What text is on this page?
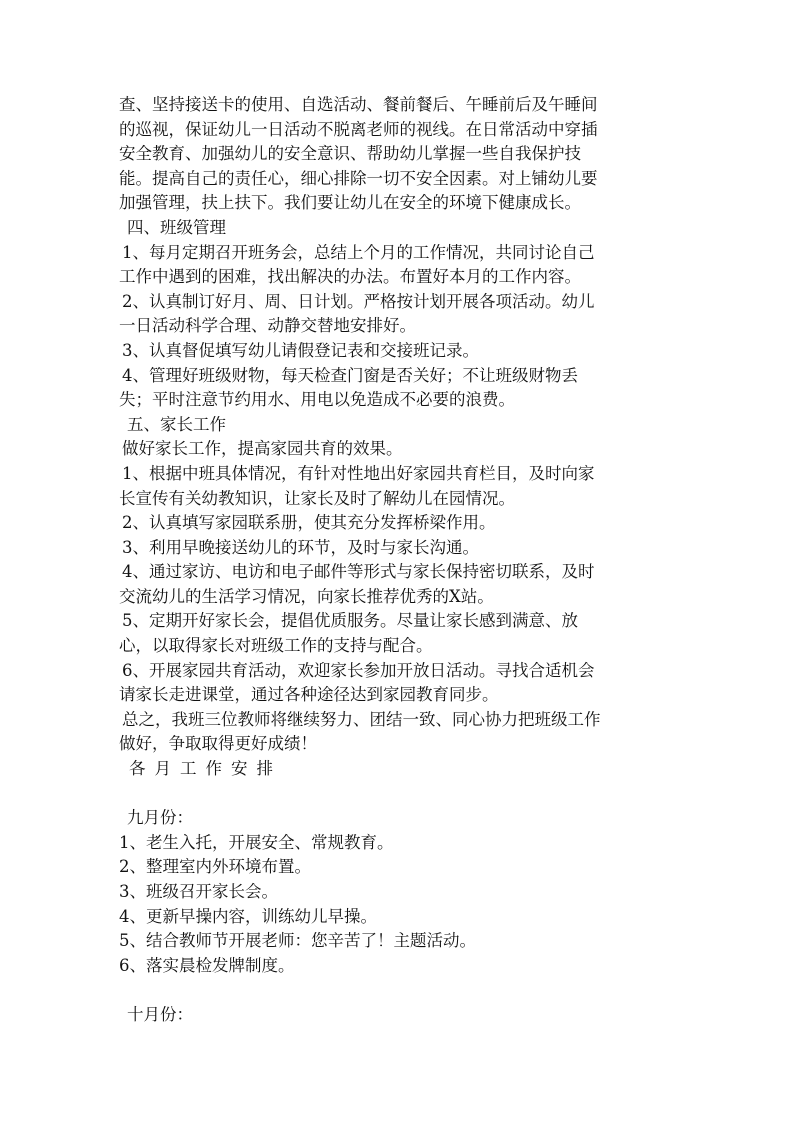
查、坚持接送卡的使用、自选活动、餐前餐后、午睡前后及午睡间
的巡视，保证幼儿一日活动不脱离老师的视线。在日常活动中穿插
安全教育、加强幼儿的安全意识、帮助幼儿掌握一些自我保护技
能。提高自己的责任心，细心排除一切不安全因素。对上铺幼儿要
加强管理，扶上扶下。我们要让幼儿在安全的环境下健康成长。
四、班级管理
1、每月定期召开班务会，总结上个月的工作情况，共同讨论自己
工作中遇到的困难，找出解决的办法。布置好本月的工作内容。
2、认真制订好月、周、日计划。严格按计划开展各项活动。幼儿
一日活动科学合理、动静交替地安排好。
3、认真督促填写幼儿请假登记表和交接班记录。
4、管理好班级财物，每天检查门窗是否关好；不让班级财物丢
失；平时注意节约用水、用电以免造成不必要的浪费。
五、家长工作
做好家长工作，提高家园共育的效果。
1、根据中班具体情况，有针对性地出好家园共育栏目，及时向家
长宣传有关幼教知识，让家长及时了解幼儿在园情况。
2、认真填写家园联系册，使其充分发挥桥梁作用。
3、利用早晚接送幼儿的环节，及时与家长沟通。
4、通过家访、电访和电子邮件等形式与家长保持密切联系，及时
交流幼儿的生活学习情况，向家长推荐优秀的X站。
5、定期开好家长会，提倡优质服务。尽量让家长感到满意、放
心，以取得家长对班级工作的支持与配合。
6、开展家园共育活动，欢迎家长参加开放日活动。寻找合适机会
请家长走进课堂，通过各种途径达到家园教育同步。
总之，我班三位教师将继续努力、团结一致、同心协力把班级工作
做好，争取取得更好成绩！
各月工作安排
九月份：
1、老生入托，开展安全、常规教育。
2、整理室内外环境布置。
3、班级召开家长会。
4、更新早操内容，训练幼儿早操。
5、结合教师节开展老师：您辛苦了！主题活动。
6、落实晨检发牌制度。
十月份：
